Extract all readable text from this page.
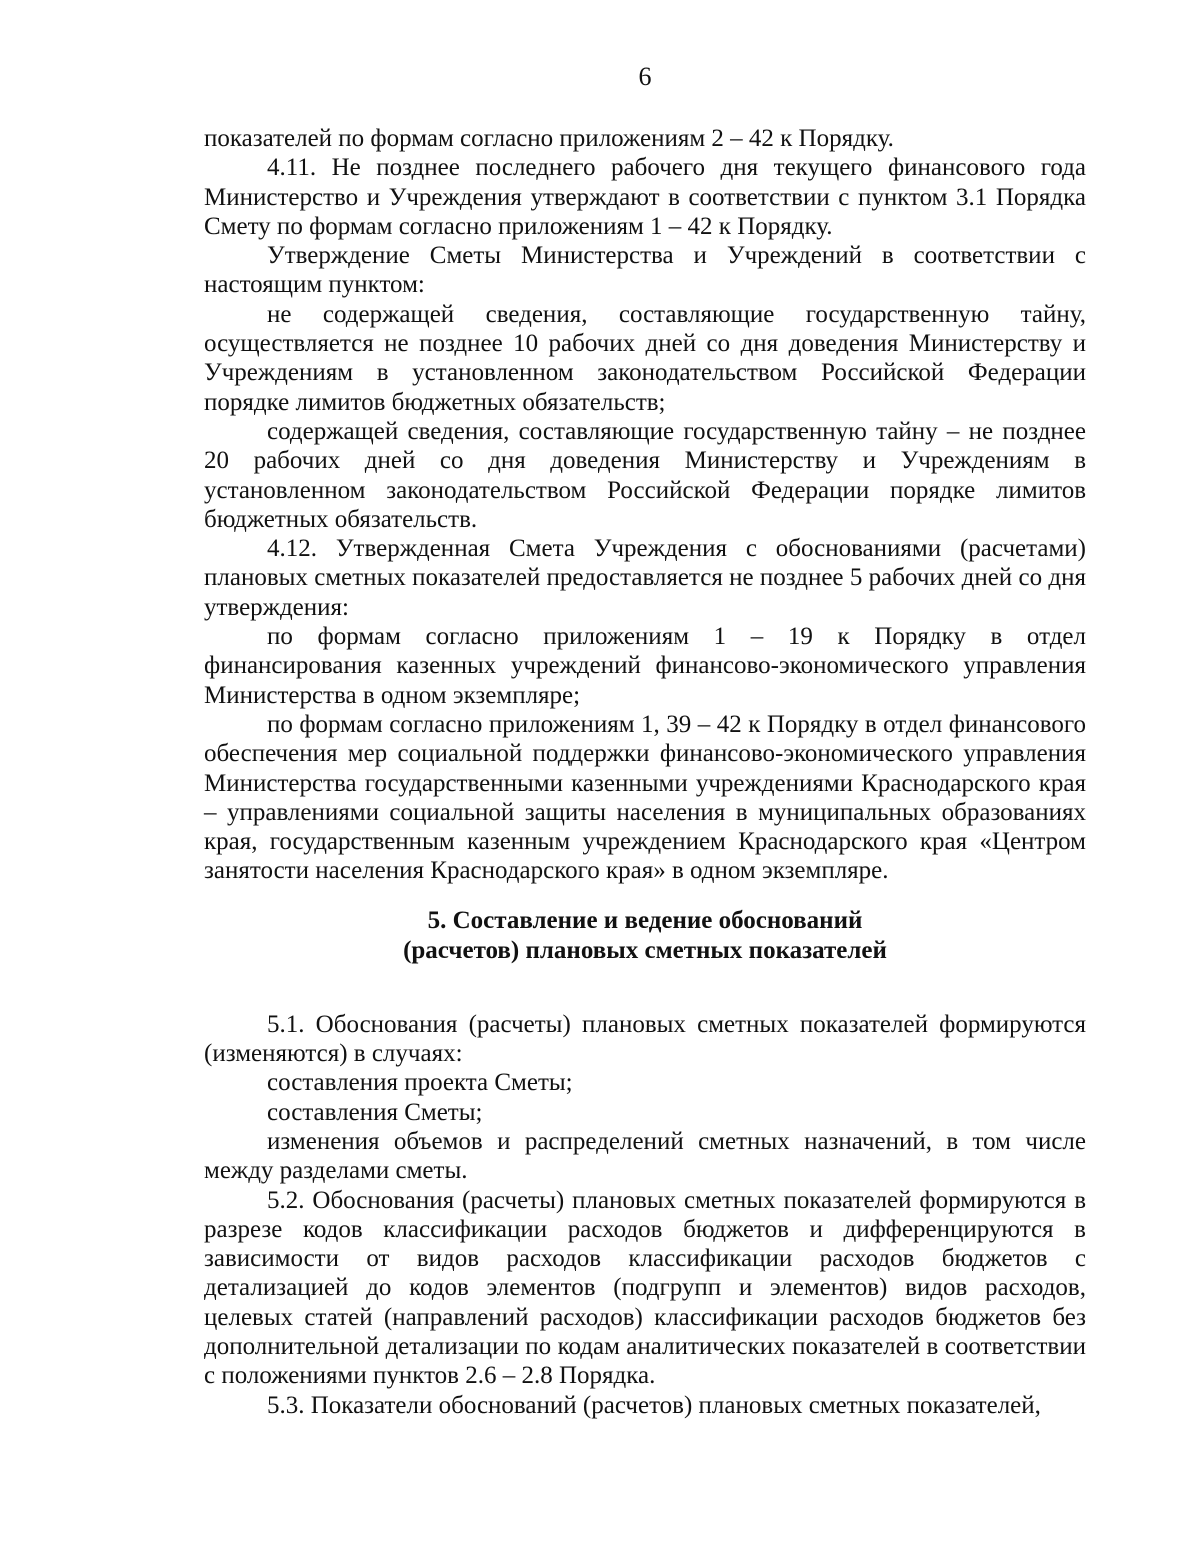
6

показателей по формам согласно приложениям 2 – 42 к Порядку.

4.11. Не позднее последнего рабочего дня текущего финансового года Министерство и Учреждения утверждают в соответствии с пунктом 3.1 Порядка Смету по формам согласно приложениям 1 – 42 к Порядку.

Утверждение Сметы Министерства и Учреждений в соответствии с настоящим пунктом:

не содержащей сведения, составляющие государственную тайну, осуществляется не позднее 10 рабочих дней со дня доведения Министерству и Учреждениям в установленном законодательством Российской Федерации порядке лимитов бюджетных обязательств;

содержащей сведения, составляющие государственную тайну – не позднее 20 рабочих дней со дня доведения Министерству и Учреждениям в установленном законодательством Российской Федерации порядке лимитов бюджетных обязательств.

4.12. Утвержденная Смета Учреждения с обоснованиями (расчетами) плановых сметных показателей предоставляется не позднее 5 рабочих дней со дня утверждения:

по формам согласно приложениям 1 – 19 к Порядку в отдел финансирования казенных учреждений финансово-экономического управления Министерства в одном экземпляре;

по формам согласно приложениям 1, 39 – 42 к Порядку в отдел финансового обеспечения мер социальной поддержки финансово-экономического управления Министерства государственными казенными учреждениями Краснодарского края – управлениями социальной защиты населения в муниципальных образованиях края, государственным казенным учреждением Краснодарского края «Центром занятости населения Краснодарского края» в одном экземпляре.

5. Составление и ведение обоснований
(расчетов) плановых сметных показателей

5.1. Обоснования (расчеты) плановых сметных показателей формируются (изменяются) в случаях:

составления проекта Сметы;

составления Сметы;

изменения объемов и распределений сметных назначений, в том числе между разделами сметы.

5.2. Обоснования (расчеты) плановых сметных показателей формируются в разрезе кодов классификации расходов бюджетов и дифференцируются в зависимости от видов расходов классификации расходов бюджетов с детализацией до кодов элементов (подгрупп и элементов) видов расходов, целевых статей (направлений расходов) классификации расходов бюджетов без дополнительной детализации по кодам аналитических показателей в соответствии с положениями пунктов 2.6 – 2.8 Порядка.

5.3. Показатели обоснований (расчетов) плановых сметных показателей,
